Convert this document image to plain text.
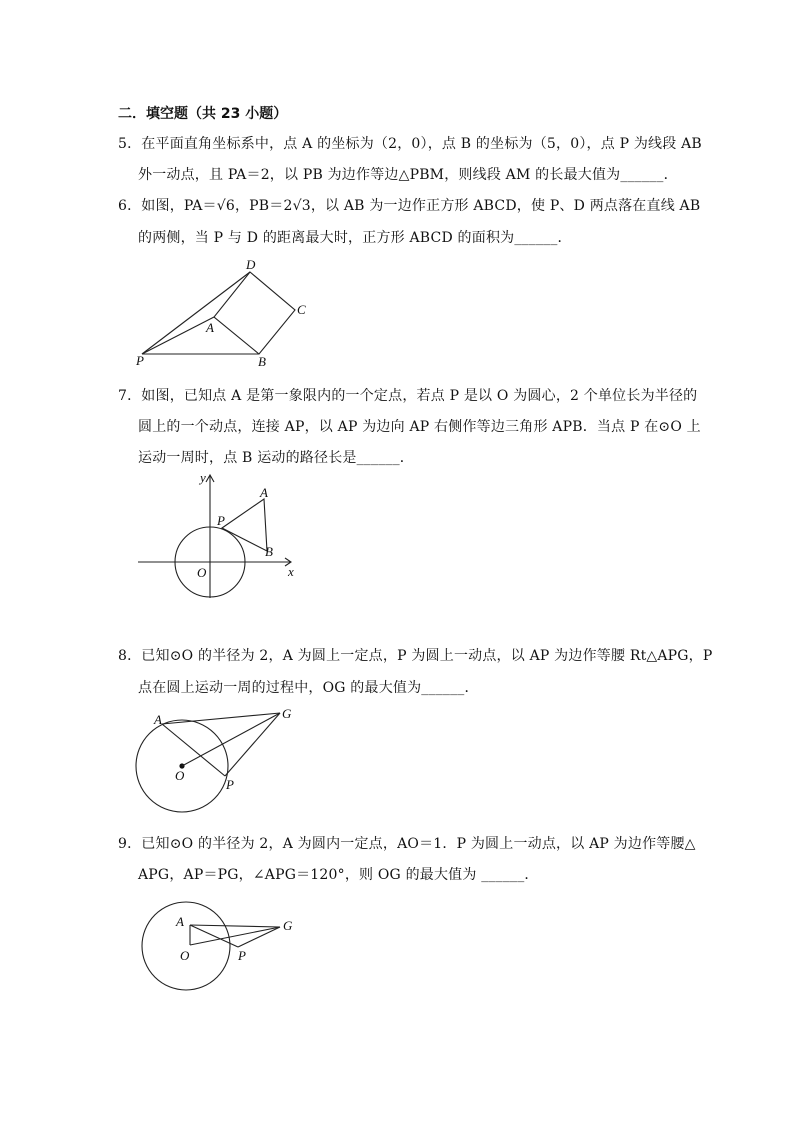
二．填空题（共 23 小题）
5．在平面直角坐标系中，点 A 的坐标为（2，0），点 B 的坐标为（5，0），点 P 为线段 AB
外一动点，且 PA＝2，以 PB 为边作等边△PBM，则线段 AM 的长最大值为______．
6．如图，PA＝√6，PB＝2√3，以 AB 为一边作正方形 ABCD，使 P、D 两点落在直线 AB
的两侧，当 P 与 D 的距离最大时，正方形 ABCD 的面积为______．
D
C
A
P	B
7．如图，已知点 A 是第一象限内的一个定点，若点 P 是以 O 为圆心，2 个单位长为半径的
圆上的一个动点，连接 AP，以 AP 为边向 AP 右侧作等边三角形 APB．当点 P 在⊙O 上
运动一周时，点 B 运动的路径长是______．
y
A
P
B
O	x
8．已知⊙O 的半径为 2，A 为圆上一定点，P 为圆上一动点，以 AP 为边作等腰 Rt△APG，P
点在圆上运动一周的过程中，OG 的最大值为______．
A	G
O
P
9．已知⊙O 的半径为 2，A 为圆内一定点，AO＝1．P 为圆上一动点，以 AP 为边作等腰△
APG，AP＝PG，∠APG＝120°，则 OG 的最大值为 ______．
A	G
O	P
